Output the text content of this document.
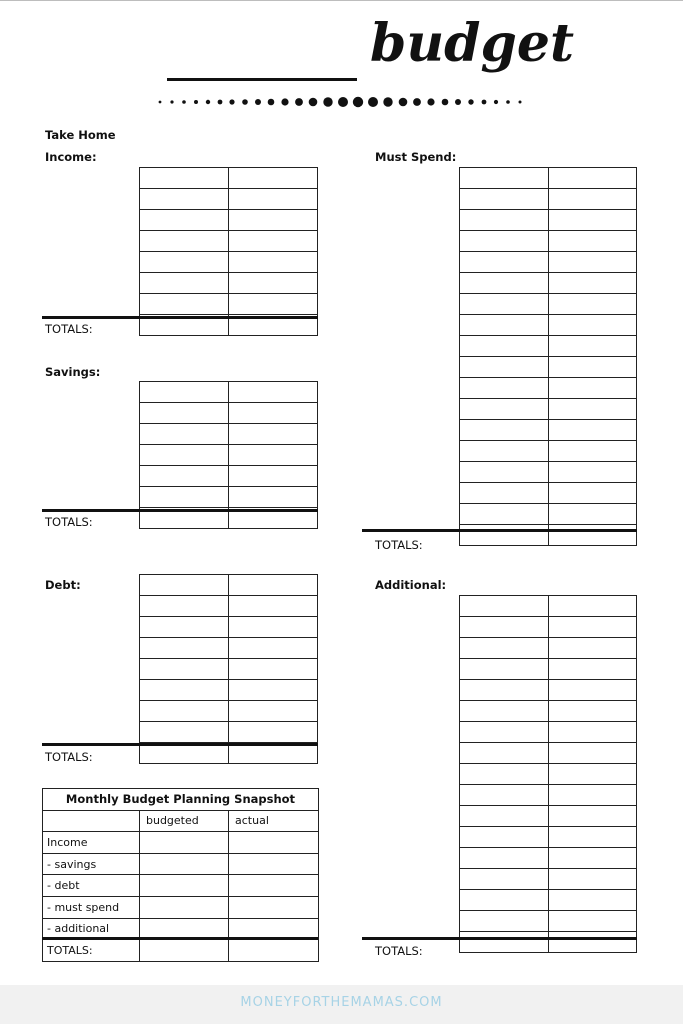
budget
Take Home
Income:

TOTALS:
Savings:

TOTALS:
Debt:

TOTALS:
Monthly Budget Planning Snapshot		
	budgeted	actual
Income		
- savings		
- debt		
- must spend		
- additional		
TOTALS:		
Must Spend:

TOTALS:
Additional:

TOTALS:
MONEYFORTHEMAMAS.COM
